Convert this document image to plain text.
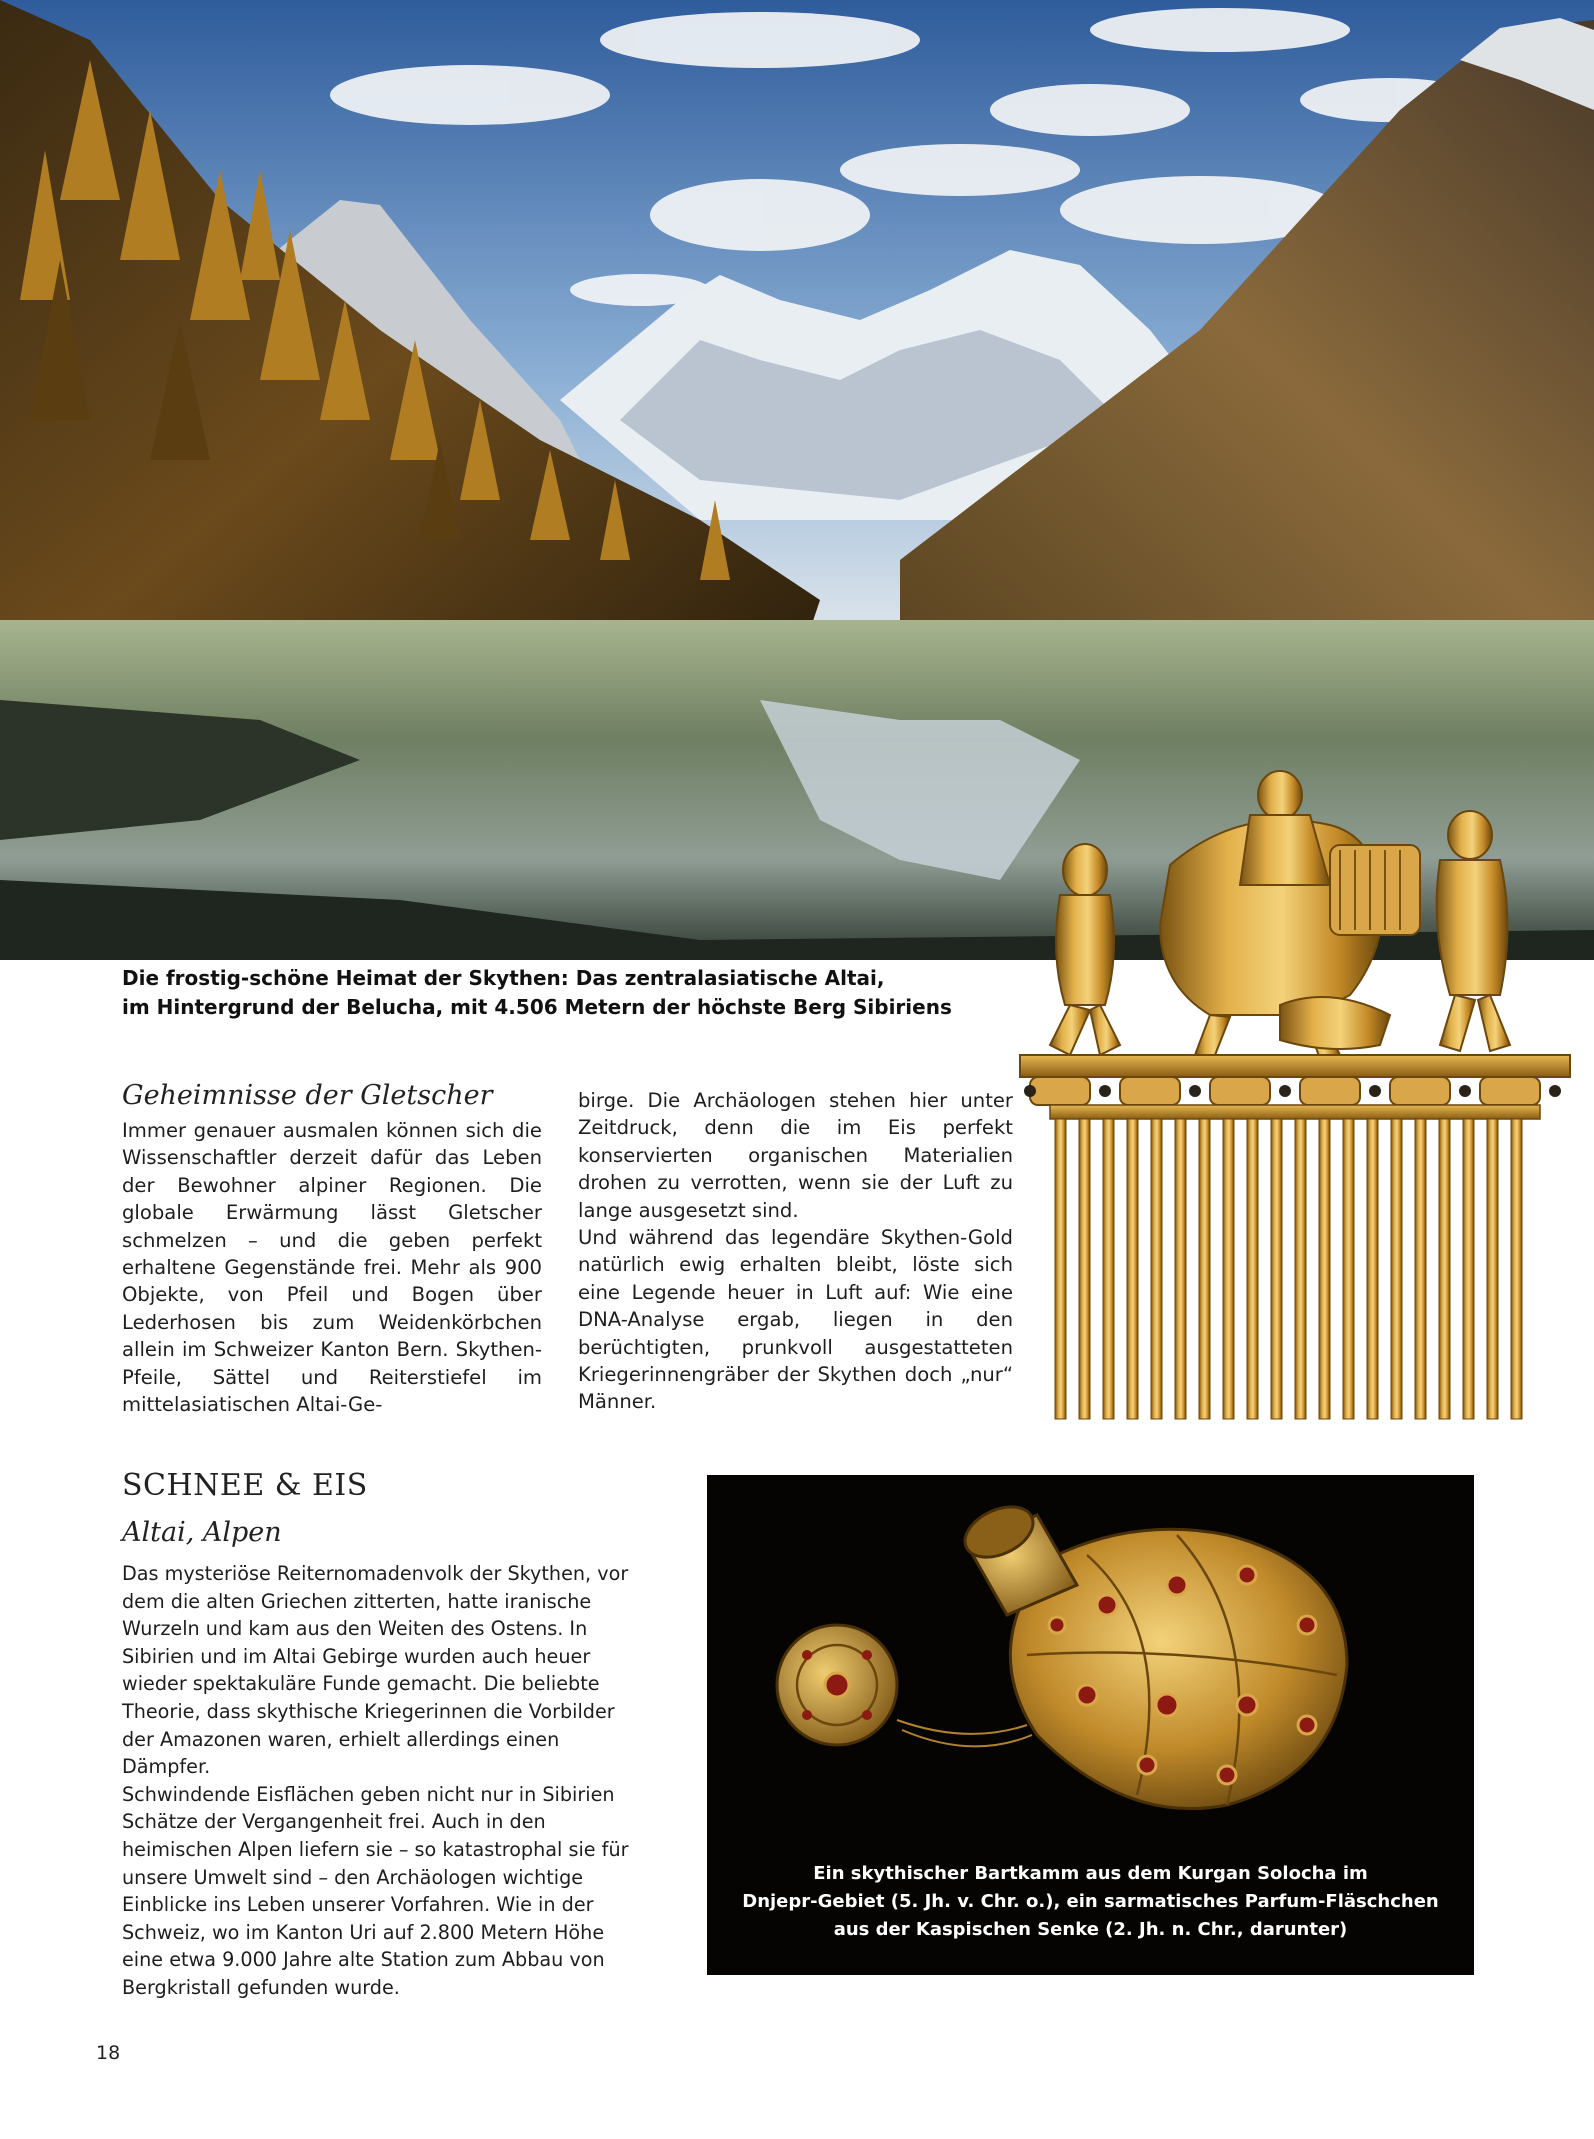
Die frostig-schöne Heimat der Skythen: Das zentralasiatische Altai,
im Hintergrund der Belucha, mit 4.506 Metern der höchste Berg Sibiriens
Geheimnisse der Gletscher

Immer genauer ausmalen können sich die Wissenschaftler derzeit dafür das Leben der Bewohner alpiner Regionen. Die globale Erwärmung lässt Gletscher schmelzen – und die geben perfekt erhaltene Gegenstände frei. Mehr als 900 Objekte, von Pfeil und Bogen über Lederhosen bis zum Weidenkörbchen allein im Schweizer Kanton Bern. Skythen-Pfeile, Sättel und Reiterstiefel im mittelasiatischen Altai-Ge-

birge. Die Archäologen stehen hier unter Zeitdruck, denn die im Eis perfekt konservierten organischen Materialien drohen zu verrotten, wenn sie der Luft zu lange ausgesetzt sind.

Und während das legendäre Skythen-Gold natürlich ewig erhalten bleibt, löste sich eine Legende heuer in Luft auf: Wie eine DNA-Analyse ergab, liegen in den berüchtigten, prunkvoll ausgestatteten Kriegerinnengräber der Skythen doch „nur“ Männer.

SCHNEE & EIS
Altai, Alpen

Das mysteriöse Reiternomadenvolk der Skythen, vor dem die alten Griechen zitterten, hatte iranische Wurzeln und kam aus den Weiten des Ostens. In Sibirien und im Altai Gebirge wurden auch heuer wieder spektakuläre Funde gemacht. Die beliebte Theorie, dass skythische Kriegerinnen die Vorbilder der Amazonen waren, erhielt allerdings einen Dämpfer.

Schwindende Eisflächen geben nicht nur in Sibirien Schätze der Vergangenheit frei. Auch in den heimischen Alpen liefern sie – so katastrophal sie für unsere Umwelt sind – den Archäologen wichtige Einblicke ins Leben unserer Vorfahren. Wie in der Schweiz, wo im Kanton Uri auf 2.800 Metern Höhe eine etwa 9.000 Jahre alte Station zum Abbau von Bergkristall gefunden wurde.

Ein skythischer Bartkamm aus dem Kurgan Solocha im
Dnjepr-Gebiet (5. Jh. v. Chr. o.), ein sarmatisches Parfum-Fläschchen
aus der Kaspischen Senke (2. Jh. n. Chr., darunter)
18
